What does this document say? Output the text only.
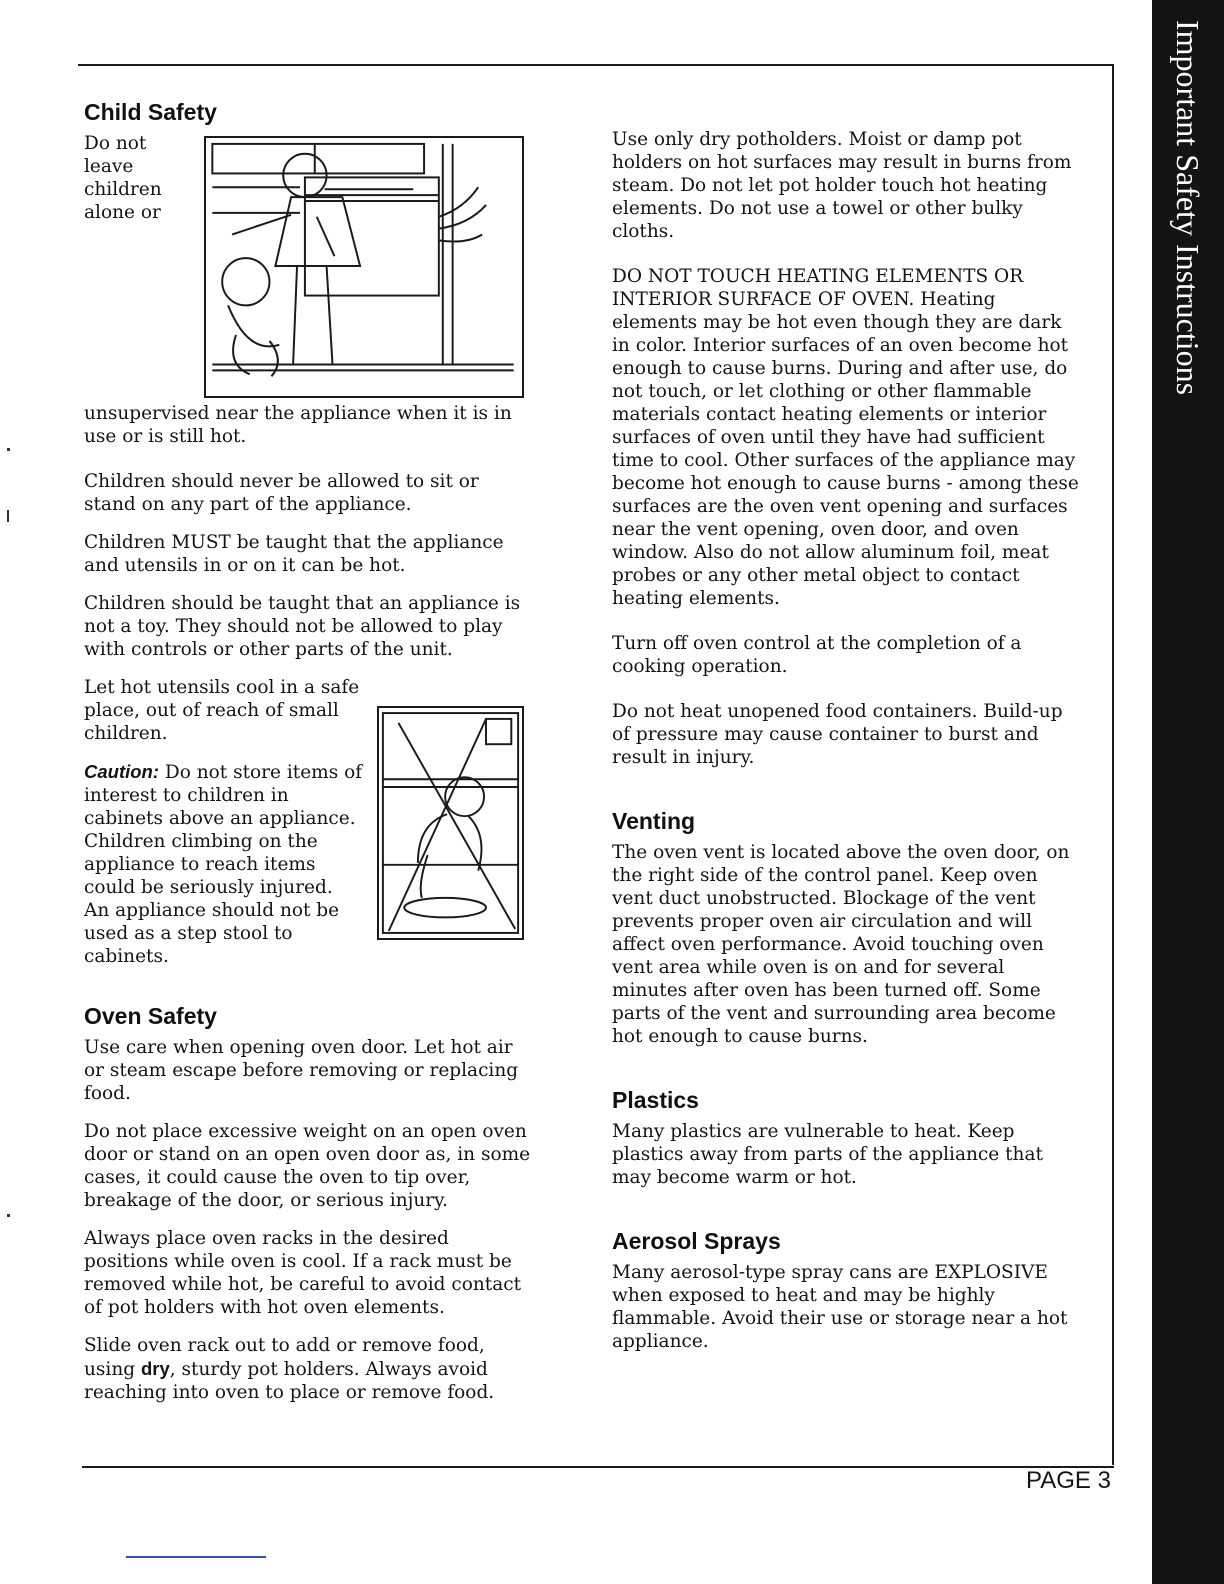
Important Safety Instructions
PAGE 3
Child Safety

Do not leave children alone or unsupervised near the appliance when it is in use or is still hot.

Children should never be allowed to sit or stand on any part of the appliance.

Children MUST be taught that the appliance and utensils in or on it can be hot.

Children should be taught that an appliance is not a toy. They should not be allowed to play with controls or other parts of the unit.

Let hot utensils cool in a safe place, out of reach of small children.

Caution: Do not store items of interest to children in cabinets above an appliance. Children climbing on the appliance to reach items could be seriously injured. An appliance should not be used as a step stool to cabinets.

Oven Safety

Use care when opening oven door. Let hot air or steam escape before removing or replacing food.

Do not place excessive weight on an open oven door or stand on an open oven door as, in some cases, it could cause the oven to tip over, breakage of the door, or serious injury.

Always place oven racks in the desired positions while oven is cool. If a rack must be removed while hot, be careful to avoid contact of pot holders with hot oven elements.

Slide oven rack out to add or remove food, using dry, sturdy pot holders. Always avoid reaching into oven to place or remove food.

Use only dry potholders. Moist or damp pot holders on hot surfaces may result in burns from steam. Do not let pot holder touch hot heating elements. Do not use a towel or other bulky cloths.

DO NOT TOUCH HEATING ELEMENTS OR INTERIOR SURFACE OF OVEN. Heating elements may be hot even though they are dark in color. Interior surfaces of an oven become hot enough to cause burns. During and after use, do not touch, or let clothing or other flammable materials contact heating elements or interior surfaces of oven until they have had sufficient time to cool. Other surfaces of the appliance may become hot enough to cause burns - among these surfaces are the oven vent opening and surfaces near the vent opening, oven door, and oven window. Also do not allow aluminum foil, meat probes or any other metal object to contact heating elements.

Turn off oven control at the completion of a cooking operation.

Do not heat unopened food containers. Build-up of pressure may cause container to burst and result in injury.

Venting

The oven vent is located above the oven door, on the right side of the control panel. Keep oven vent duct unobstructed. Blockage of the vent prevents proper oven air circulation and will affect oven performance. Avoid touching oven vent area while oven is on and for several minutes after oven has been turned off. Some parts of the vent and surrounding area become hot enough to cause burns.

Plastics

Many plastics are vulnerable to heat. Keep plastics away from parts of the appliance that may become warm or hot.

Aerosol Sprays

Many aerosol-type spray cans are EXPLOSIVE when exposed to heat and may be highly flammable. Avoid their use or storage near a hot appliance.
